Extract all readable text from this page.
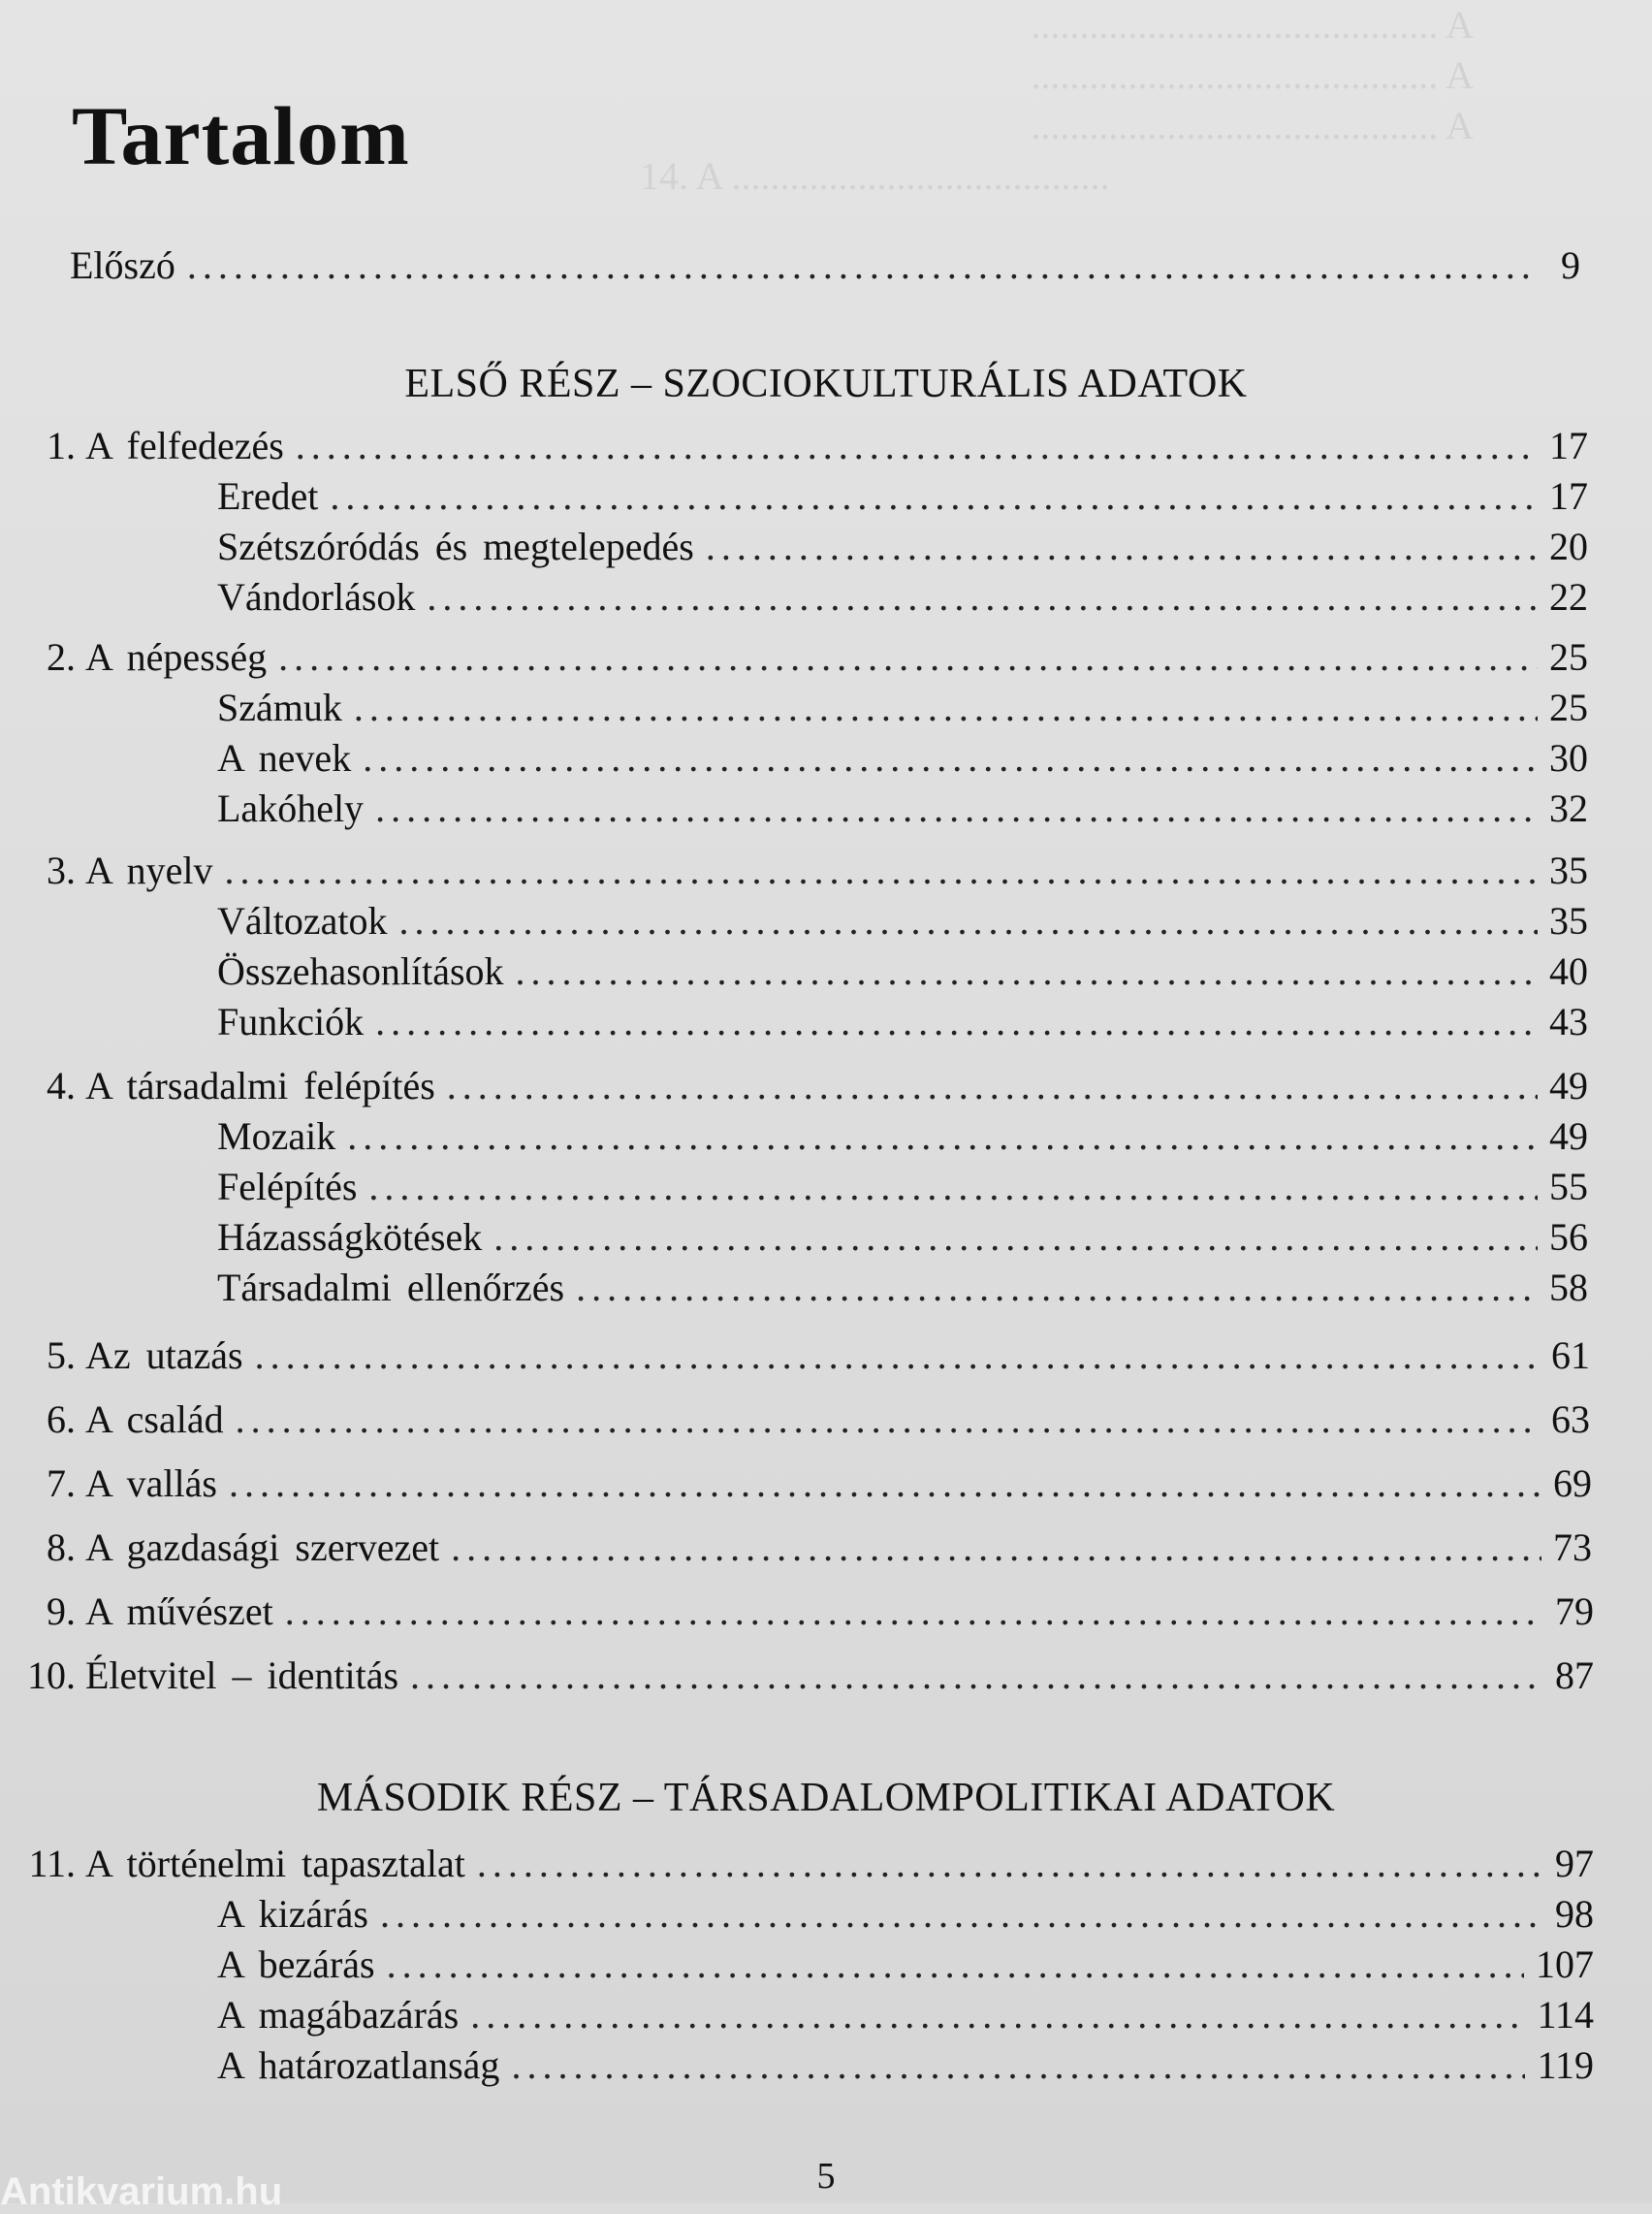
.......................................... A
.......................................... A
.......................................... A
14. A .......................................
Tartalom
Előszó .....	9
ELSŐ RÉSZ – SZOCIOKULTURÁLIS ADATOK
1. A felfedezés .....	17
Eredet .....	17
Szétszóródás és megtelepedés .....	20
Vándorlások .....	22
2. A népesség .....	25
Számuk .....	25
A nevek .....	30
Lakóhely .....	32
3. A nyelv .....	35
Változatok .....	35
Összehasonlítások .....	40
Funkciók .....	43
4. A társadalmi felépítés .....	49
Mozaik .....	49
Felépítés .....	55
Házasságkötések .....	56
Társadalmi ellenőrzés .....	58
5. Az utazás .....	61
6. A család .....	63
7. A vallás .....	69
8. A gazdasági szervezet .....	73
9. A művészet .....	79
10. Életvitel – identitás .....	87
MÁSODIK RÉSZ – TÁRSADALOMPOLITIKAI ADATOK
11. A történelmi tapasztalat .....	97
A kizárás .....	98
A bezárás .....	107
A magábazárás .....	114
A határozatlanság .....	119
5
Antikvarium.hu
